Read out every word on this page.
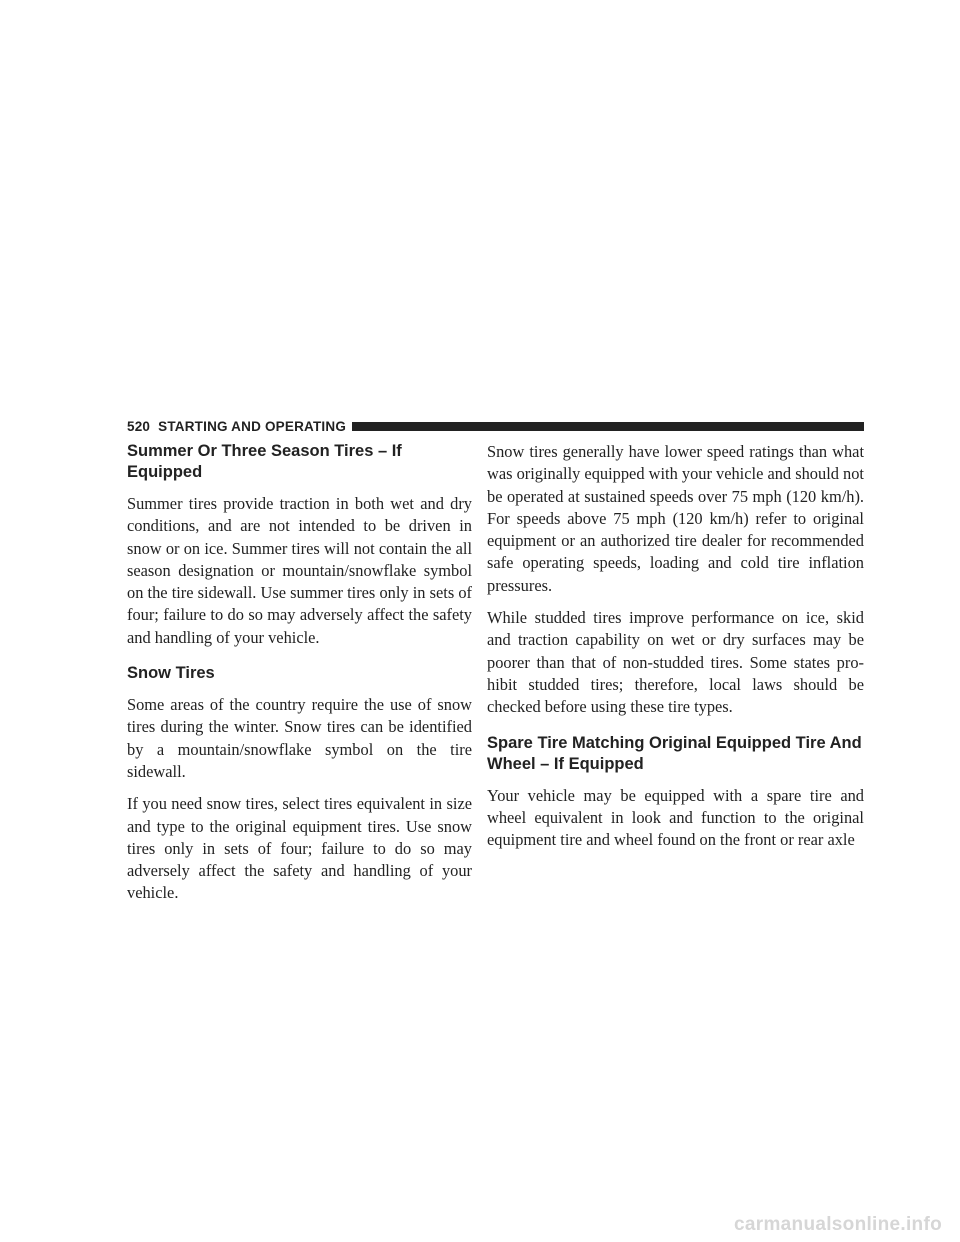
520 STARTING AND OPERATING
Summer Or Three Season Tires – If Equipped

Summer tires provide traction in both wet and dry conditions, and are not intended to be driven in snow or on ice. Summer tires will not contain the all season designation or mountain/snowflake symbol on the tire sidewall. Use summer tires only in sets of four; failure to do so may adversely affect the safety and handling of your vehicle.

Snow Tires

Some areas of the country require the use of snow tires during the winter. Snow tires can be identified by a mountain/snowflake symbol on the tire sidewall.

If you need snow tires, select tires equivalent in size and type to the original equipment tires. Use snow tires only in sets of four; failure to do so may adversely affect the safety and handling of your vehicle.

Snow tires generally have lower speed ratings than what was originally equipped with your vehicle and should not be operated at sustained speeds over 75 mph (120 km/h). For speeds above 75 mph (120 km/h) refer to original equipment or an authorized tire dealer for recommended safe operating speeds, loading and cold tire inflation pressures.

While studded tires improve performance on ice, skid and traction capability on wet or dry surfaces may be poorer than that of non-studded tires. Some states pro-hibit studded tires; therefore, local laws should be checked before using these tire types.

Spare Tire Matching Original Equipped Tire And Wheel – If Equipped

Your vehicle may be equipped with a spare tire and wheel equivalent in look and function to the original equipment tire and wheel found on the front or rear axle

carmanualsonline.info
